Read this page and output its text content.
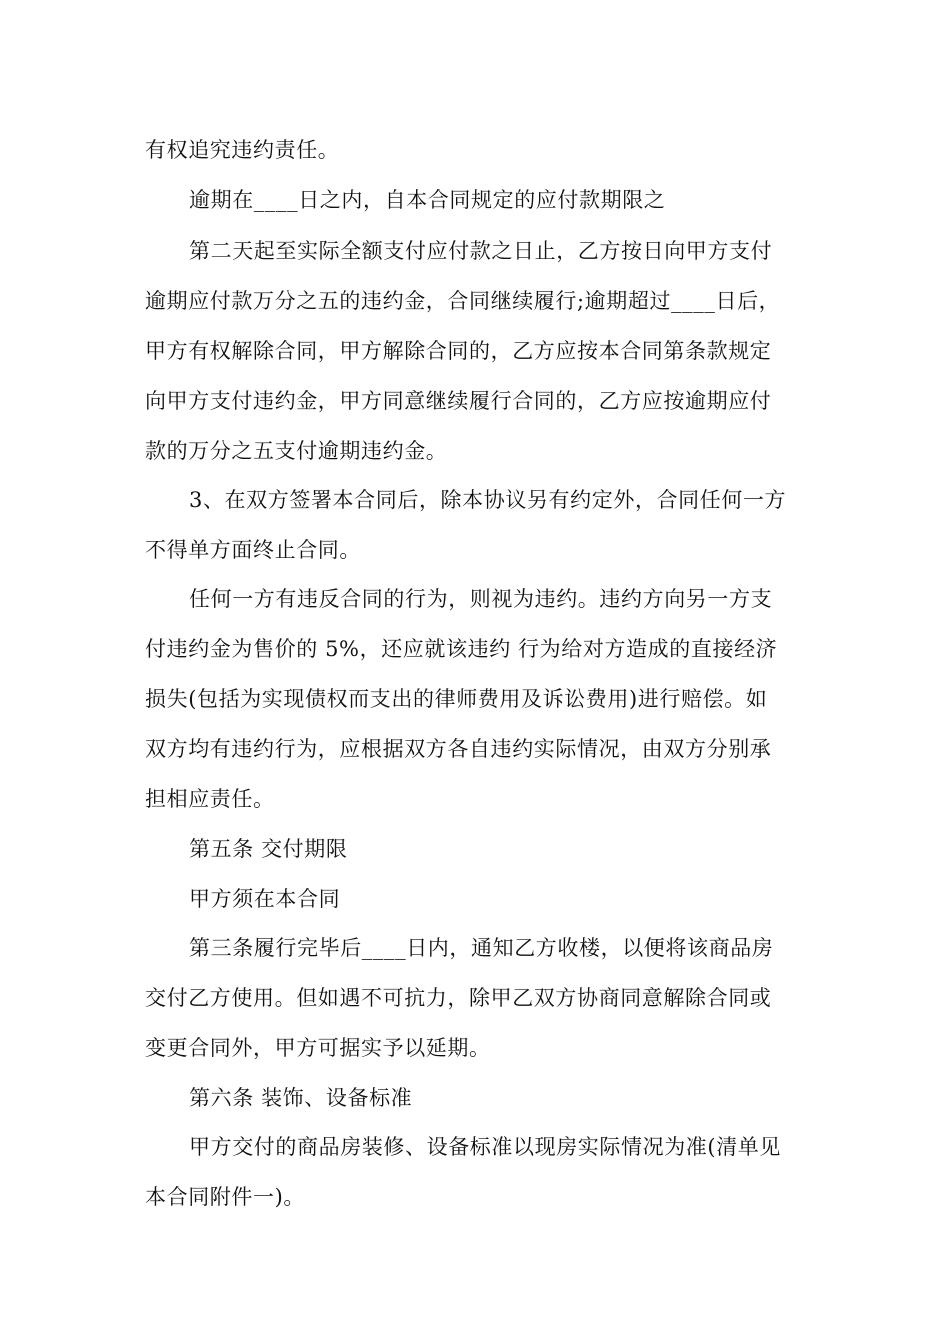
有权追究违约责任。
逾期在____日之内，自本合同规定的应付款期限之
第二天起至实际全额支付应付款之日止，乙方按日向甲方支付
逾期应付款万分之五的违约金，合同继续履行;逾期超过____日后，
甲方有权解除合同，甲方解除合同的，乙方应按本合同第条款规定
向甲方支付违约金，甲方同意继续履行合同的，乙方应按逾期应付
款的万分之五支付逾期违约金。
3、在双方签署本合同后，除本协议另有约定外，合同任何一方
不得单方面终止合同。
任何一方有违反合同的行为，则视为违约。违约方向另一方支
付违约金为售价的 5%，还应就该违约 行为给对方造成的直接经济
损失(包括为实现债权而支出的律师费用及诉讼费用)进行赔偿。如
双方均有违约行为，应根据双方各自违约实际情况，由双方分别承
担相应责任。
第五条 交付期限
甲方须在本合同
第三条履行完毕后____日内，通知乙方收楼，以便将该商品房
交付乙方使用。但如遇不可抗力，除甲乙双方协商同意解除合同或
变更合同外，甲方可据实予以延期。
第六条 装饰、设备标准
甲方交付的商品房装修、设备标准以现房实际情况为准(清单见
本合同附件一)。
